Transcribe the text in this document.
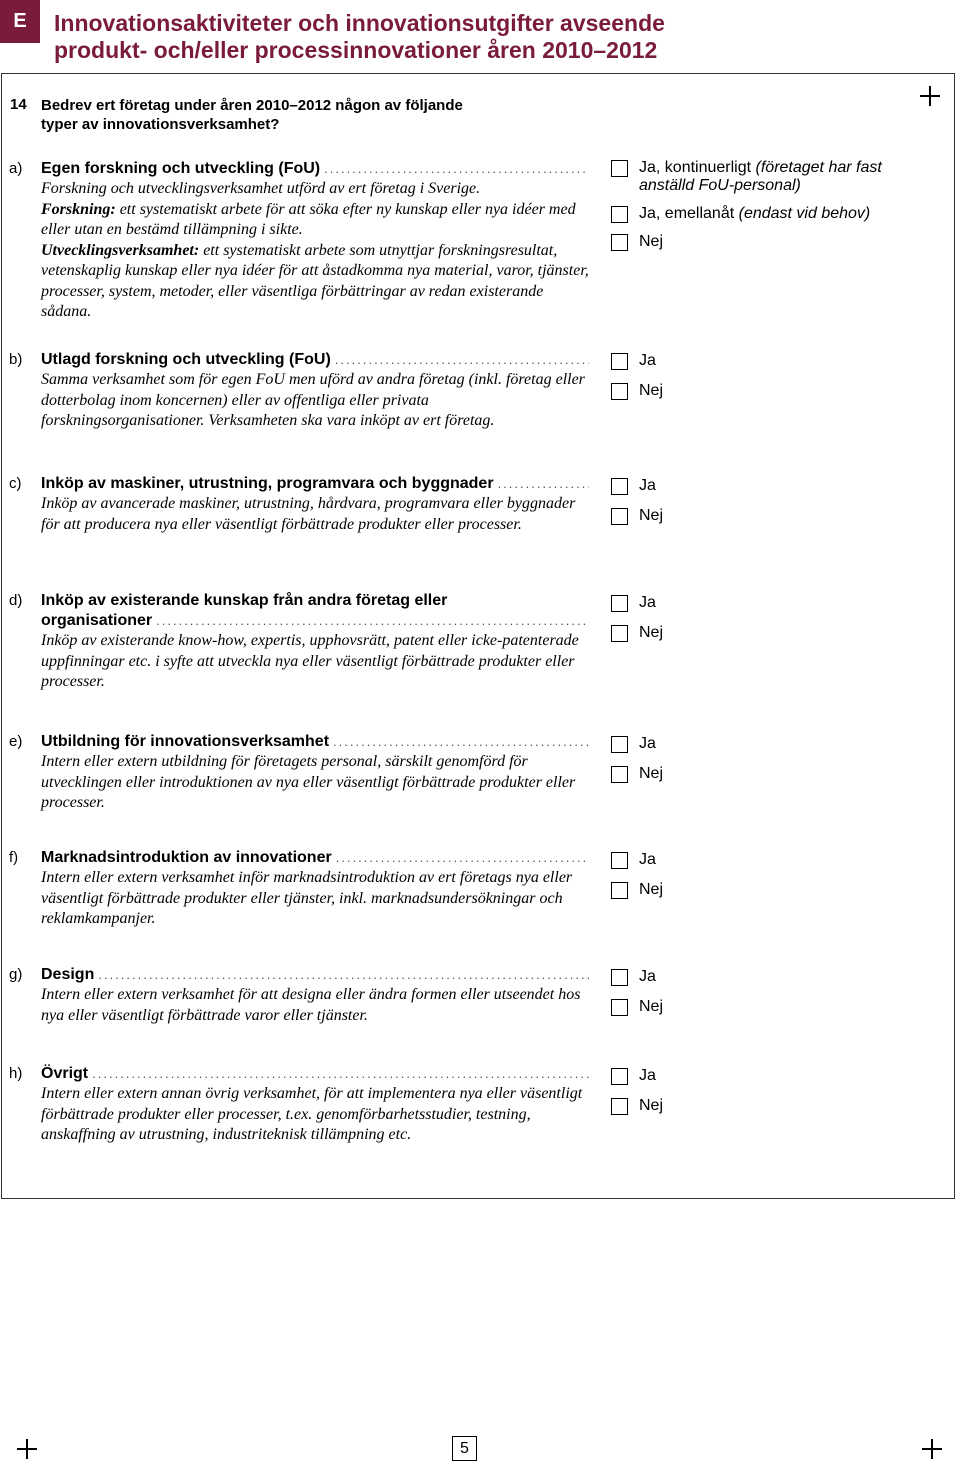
E	Innovationsaktiviteter och innovationsutgifter avseende
produkt- och/eller processinnovationer åren 2010–2012
14 Bedrev ert företag under åren 2010–2012 någon av följande
typer av innovationsverksamhet?
a) Egen forskning och utveckling (FoU)
.....
Forskning och utvecklingsverksamhet utförd av ert företag i Sverige.
Forskning: ett systematiskt arbete för att söka efter ny kunskap eller nya idéer med eller utan en bestämd tillämpning i sikte.
Utvecklingsverksamhet: ett systematiskt arbete som utnyttjar forskningsresultat, vetenskaplig kunskap eller nya idéer för att åstadkomma nya material, varor, tjänster, processer, system, metoder, eller väsentliga förbättringar av redan existerande sådana.
Ja, kontinuerligt (företaget har fast anställd FoU-personal)
Ja, emellanåt (endast vid behov)
Nej
b) Utlagd forskning och utveckling (FoU)
.....
Samma verksamhet som för egen FoU men uförd av andra företag (inkl. företag eller dotterbolag inom koncernen) eller av offentliga eller privata forskningsorganisationer. Verksamheten ska vara inköpt av ert företag.
Ja
Nej
c) Inköp av maskiner, utrustning, programvara och byggnader
.....
Inköp av avancerade maskiner, utrustning, hårdvara, programvara eller byggnader för att producera nya eller väsentligt förbättrade produkter eller processer.
Ja
Nej
d) Inköp av existerande kunskap från andra företag eller
organisationer
.....
Inköp av existerande know-how, expertis, upphovsrätt, patent eller icke-patenterade uppfinningar etc. i syfte att utveckla nya eller väsentligt förbättrade produkter eller processer.
Ja
Nej
e) Utbildning för innovationsverksamhet
.....
Intern eller extern utbildning för företagets personal, särskilt genomförd för utvecklingen eller introduktionen av nya eller väsentligt förbättrade produkter eller processer.
Ja
Nej
f) Marknadsintroduktion av innovationer
.....
Intern eller extern verksamhet inför marknadsintroduktion av ert företags nya eller väsentligt förbättrade produkter eller tjänster, inkl. marknadsundersökningar och reklamkampanjer.
Ja
Nej
g) Design
.....
Intern eller extern verksamhet för att designa eller ändra formen eller utseendet hos nya eller väsentligt förbättrade varor eller tjänster.
Ja
Nej
h) Övrigt
.....
Intern eller extern annan övrig verksamhet, för att implementera nya eller väsentligt förbättrade produkter eller processer, t.ex. genomförbarhetsstudier, testning, anskaffning av utrustning, industriteknisk tillämpning etc.
Ja
Nej
5
